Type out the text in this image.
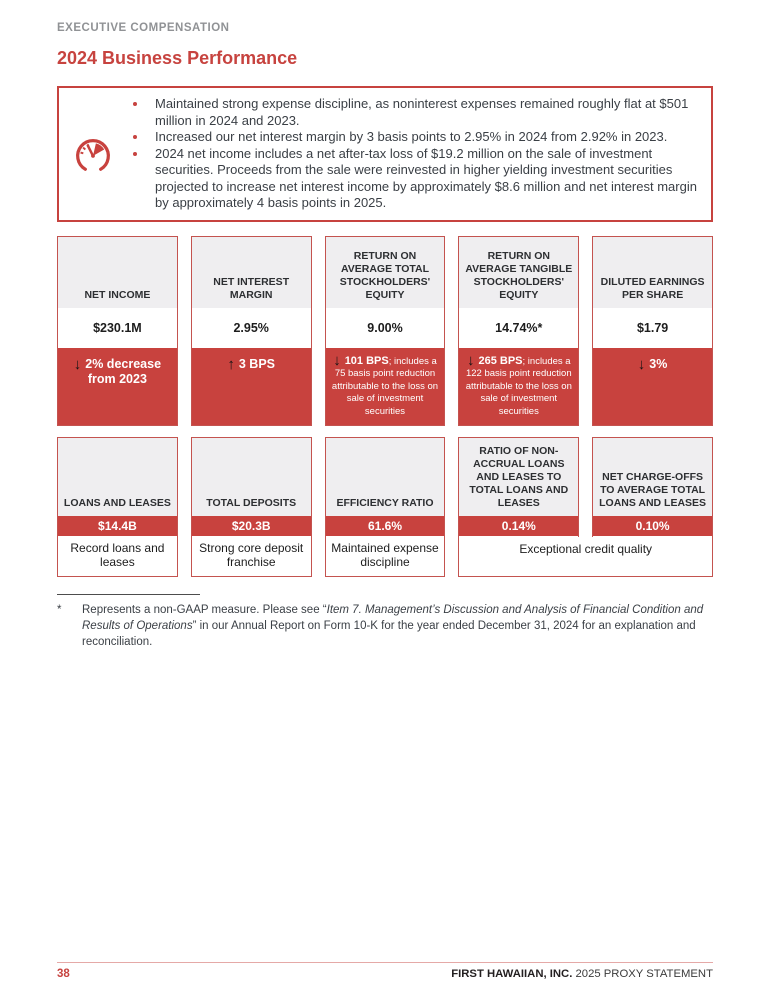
EXECUTIVE COMPENSATION
2024 Business Performance
Maintained strong expense discipline, as noninterest expenses remained roughly flat at $501 million in 2024 and 2023.
Increased our net interest margin by 3 basis points to 2.95% in 2024 from 2.92% in 2023.
2024 net income includes a net after-tax loss of $19.2 million on the sale of investment securities. Proceeds from the sale were reinvested in higher yielding investment securities projected to increase net interest income by approximately $8.6 million and net interest margin by approximately 4 basis points in 2025.
NET INCOME
$230.1M
↓ 2% decrease from 2023
NET INTEREST MARGIN
2.95%
↑ 3 BPS
RETURN ON AVERAGE TOTAL STOCKHOLDERS' EQUITY
9.00%
↓ 101 BPS; includes a 75 basis point reduction attributable to the loss on sale of investment securities
RETURN ON AVERAGE TANGIBLE STOCKHOLDERS' EQUITY
14.74%*
↓ 265 BPS; includes a 122 basis point reduction attributable to the loss on sale of investment securities
DILUTED EARNINGS PER SHARE
$1.79
↓ 3%
LOANS AND LEASES
$14.4B
Record loans and leases
TOTAL DEPOSITS
$20.3B
Strong core deposit franchise
EFFICIENCY RATIO
61.6%
Maintained expense discipline
RATIO OF NON-ACCRUAL LOANS AND LEASES TO TOTAL LOANS AND LEASES
0.14%
NET CHARGE-OFFS TO AVERAGE TOTAL LOANS AND LEASES
0.10%
Exceptional credit quality
*	Represents a non-GAAP measure. Please see “Item 7. Management’s Discussion and Analysis of Financial Condition and Results of Operations” in our Annual Report on Form 10-K for the year ended December 31, 2024 for an explanation and reconciliation.
38	FIRST HAWAIIAN, INC. 2025 PROXY STATEMENT
